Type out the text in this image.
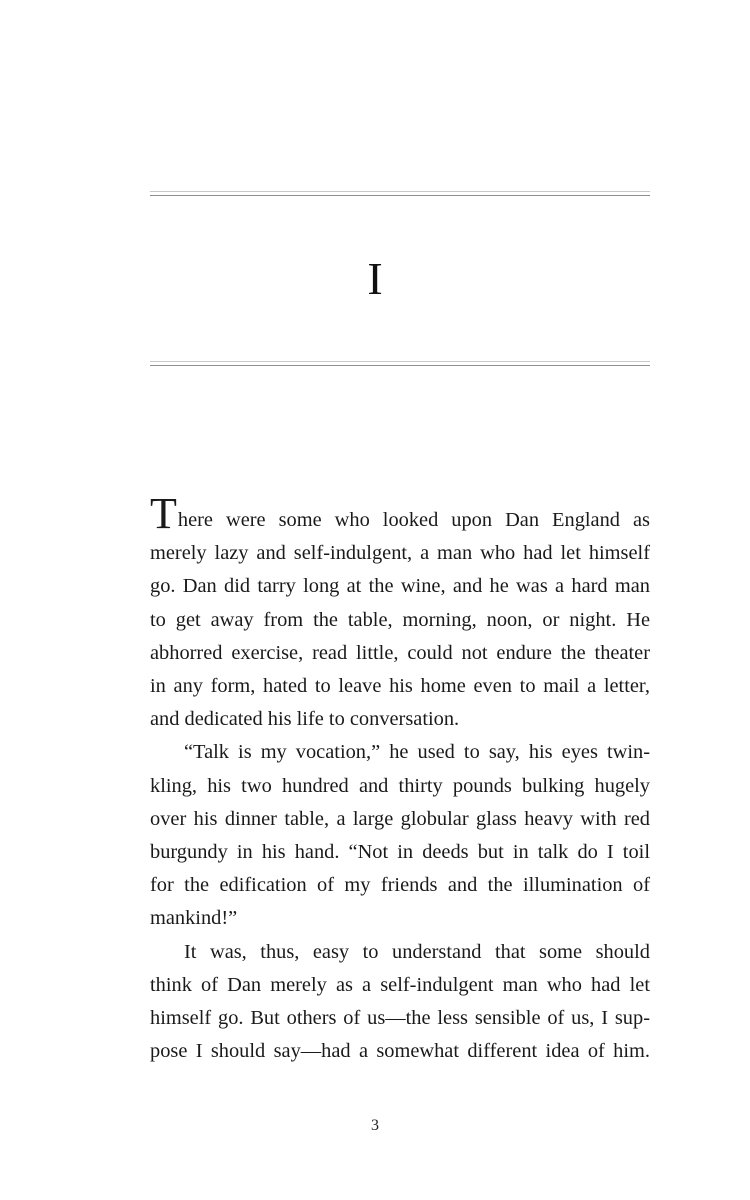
I

There were some who looked upon Dan England as
merely lazy and self-indulgent, a man who had let himself
go. Dan did tarry long at the wine, and he was a hard man
to get away from the table, morning, noon, or night. He
abhorred exercise, read little, could not endure the theater
in any form, hated to leave his home even to mail a letter,
and dedicated his life to conversation.

“Talk is my vocation,” he used to say, his eyes twin-
kling, his two hundred and thirty pounds bulking hugely
over his dinner table, a large globular glass heavy with red
burgundy in his hand. “Not in deeds but in talk do I toil
for the edification of my friends and the illumination of
mankind!”

It was, thus, easy to understand that some should
think of Dan merely as a self-indulgent man who had let
himself go. But others of us—the less sensible of us, I sup-
pose I should say—had a somewhat different idea of him.

3
